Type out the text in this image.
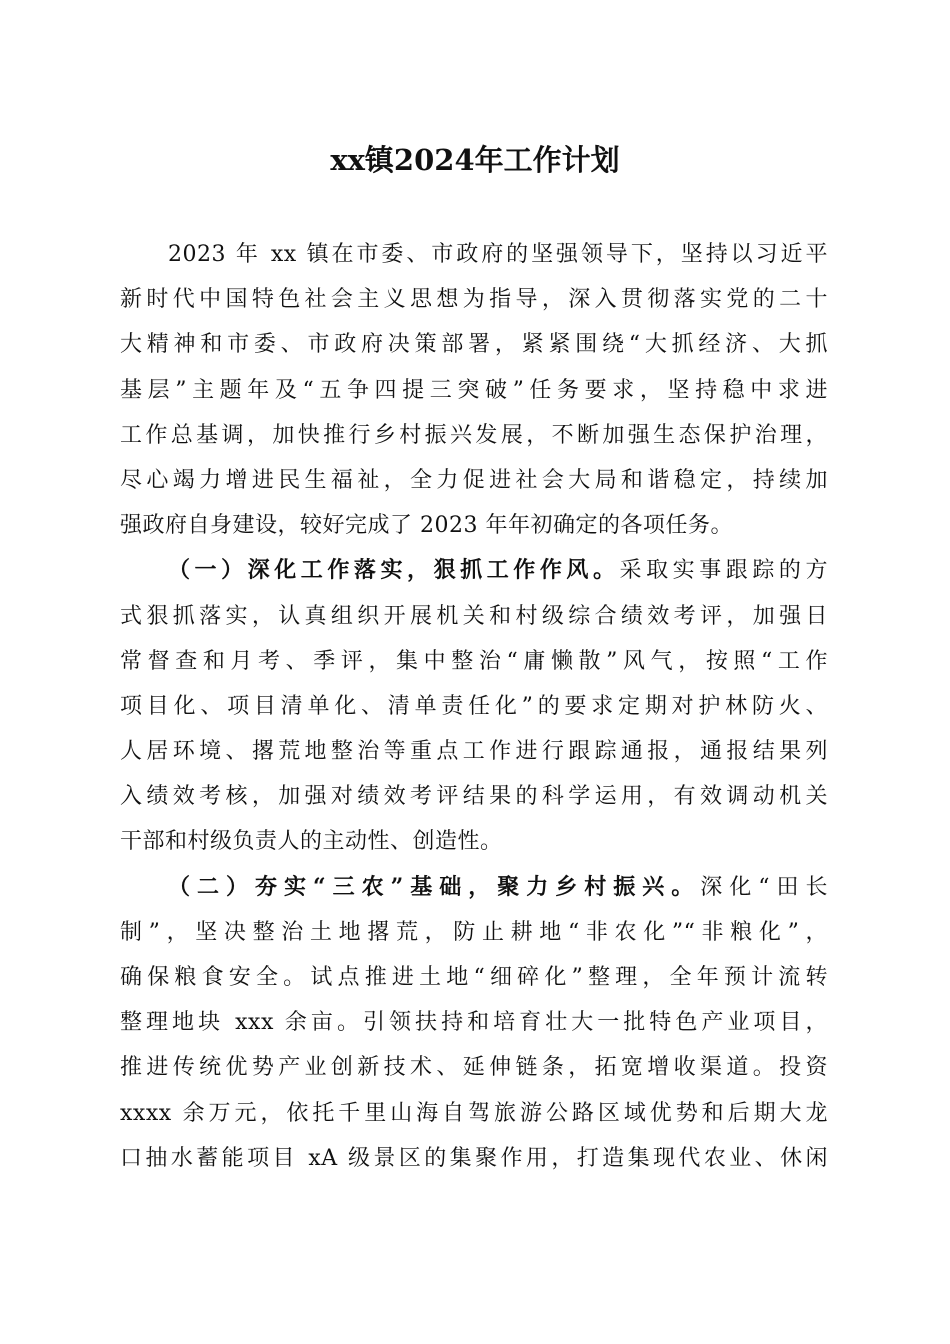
xx镇2024年工作计划
2023 年 xx 镇在市委、市政府的坚强领导下，坚持以习近平
新时代中国特色社会主义思想为指导，深入贯彻落实党的二十
大精神和市委、市政府决策部署，紧紧围绕“大抓经济、大抓
基层”主题年及“五争四提三突破”任务要求，坚持稳中求进
工作总基调，加快推行乡村振兴发展，不断加强生态保护治理，
尽心竭力增进民生福祉，全力促进社会大局和谐稳定，持续加
强政府自身建设，较好完成了 2023 年年初确定的各项任务。
（一）深化工作落实，狠抓工作作风。采取实事跟踪的方
式狠抓落实，认真组织开展机关和村级综合绩效考评，加强日
常督查和月考、季评，集中整治“庸懒散”风气，按照“工作
项目化、项目清单化、清单责任化”的要求定期对护林防火、
人居环境、撂荒地整治等重点工作进行跟踪通报，通报结果列
入绩效考核，加强对绩效考评结果的科学运用，有效调动机关
干部和村级负责人的主动性、创造性。
（二）夯实“三农”基础，聚力乡村振兴。深化“田长
制”，坚决整治土地撂荒，防止耕地“非农化”“非粮化”，
确保粮食安全。试点推进土地“细碎化”整理，全年预计流转
整理地块 xxx 余亩。引领扶持和培育壮大一批特色产业项目，
推进传统优势产业创新技术、延伸链条，拓宽增收渠道。投资
xxxx 余万元，依托千里山海自驾旅游公路区域优势和后期大龙
口抽水蓄能项目 xA 级景区的集聚作用，打造集现代农业、休闲
